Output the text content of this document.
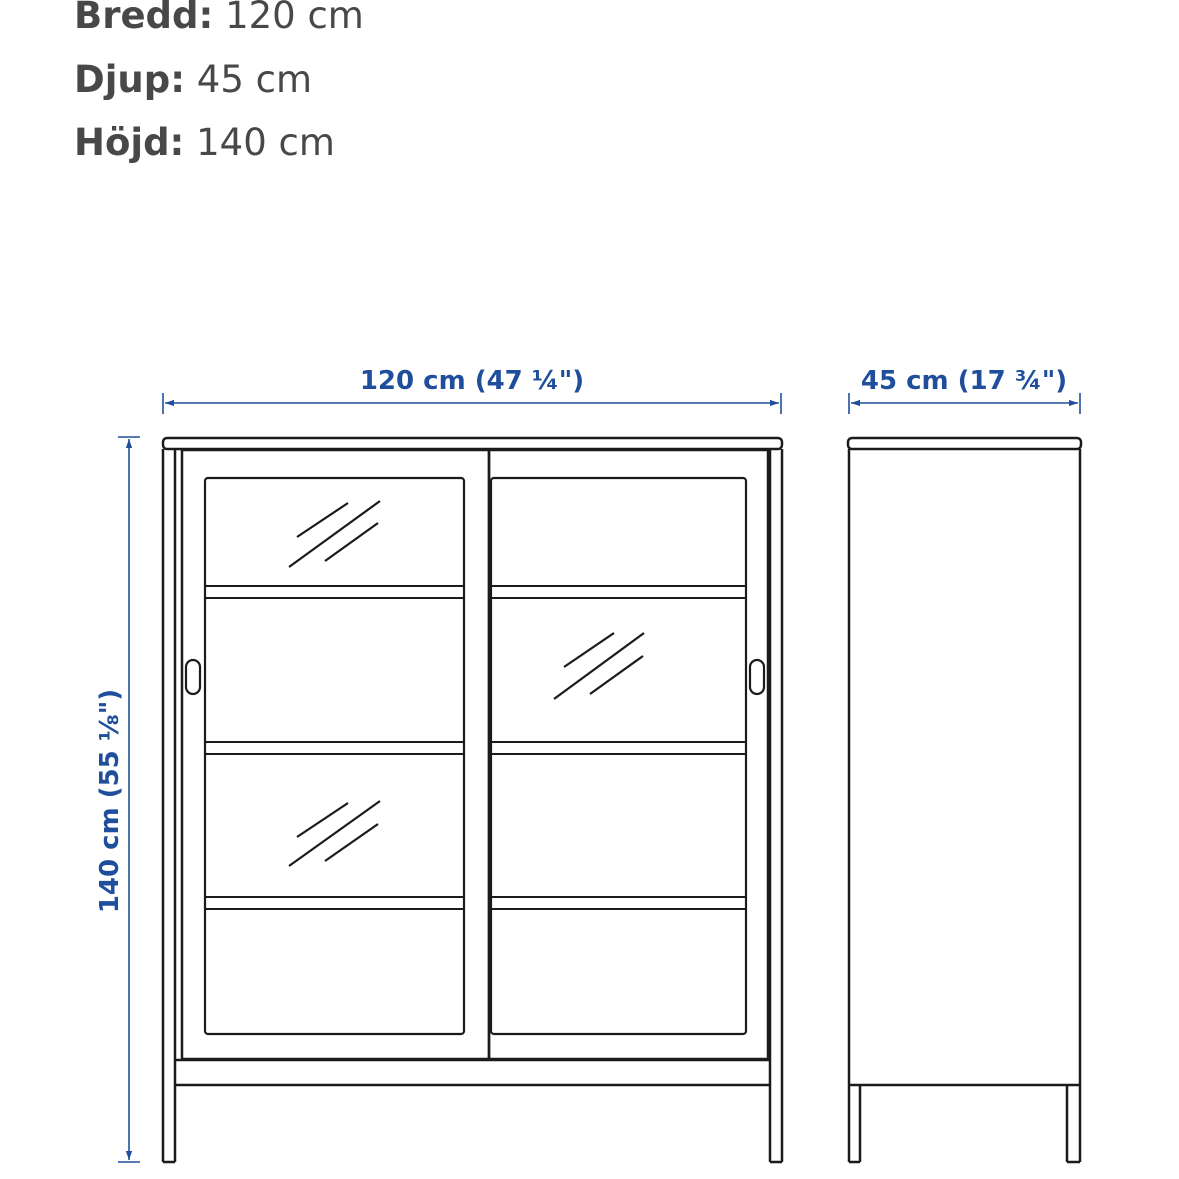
Bredd: 120 cm
Djup: 45 cm
Höjd: 140 cm
120 cm (47 ¼")	45 cm (17 ¾")
140 cm (55 ⅛")
